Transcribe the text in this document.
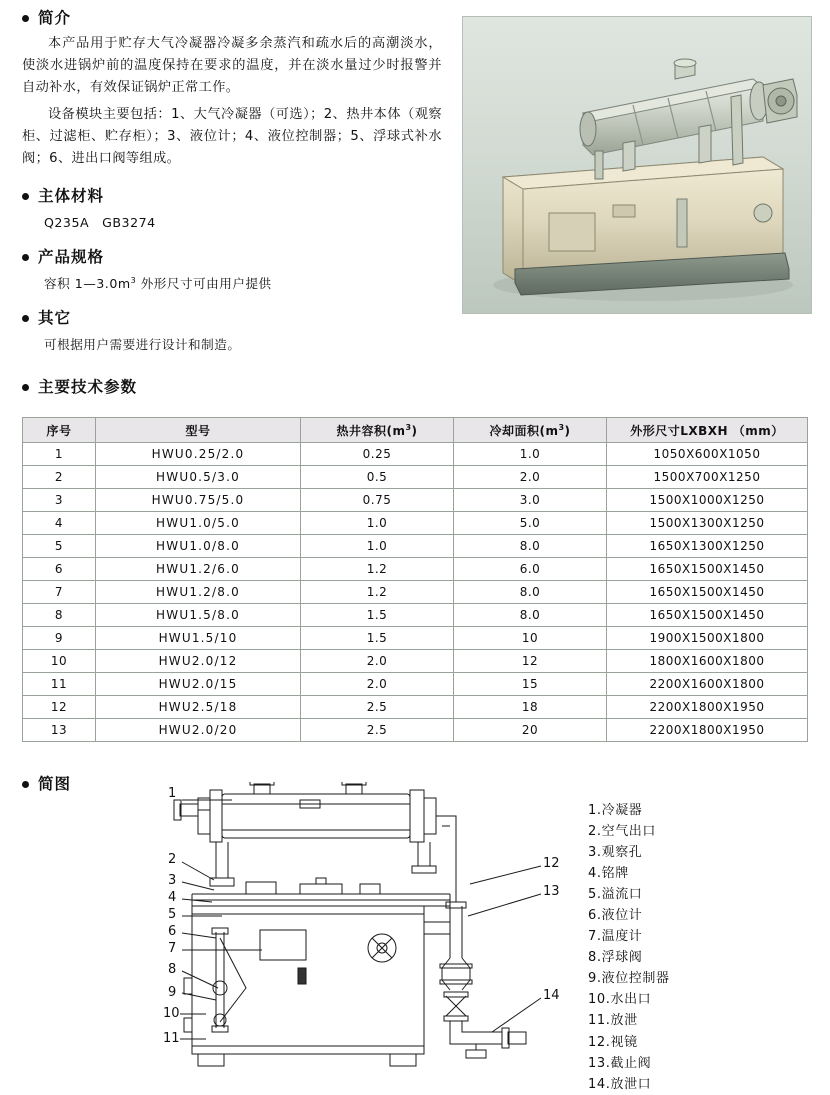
简介
本产品用于贮存大气冷凝器冷凝多余蒸汽和疏水后的高潮淡水，使淡水进锅炉前的温度保持在要求的温度，并在淡水量过少时报警并自动补水，有效保证锅炉正常工作。
设备模块主要包括：1、大气冷凝器（可选）；2、热井本体（观察柜、过滤柜、贮存柜）；3、液位计；4、液位控制器；5、浮球式补水阀；6、进出口阀等组成。
主体材料
Q235A　GB3274
产品规格
容积 $1—3.0m^3$ 外形尺寸可由用户提供
其它
可根据用户需要进行设计和制造。
主要技术参数
序号	型号	热井容积$(m^3)$	冷却面积$(m^3)$	外形尺寸LXBXH （mm）
1	HWU0.25/2.0	0.25	1.0	1050X600X1050
2	HWU0.5/3.0	0.5	2.0	1500X700X1250
3	HWU0.75/5.0	0.75	3.0	1500X1000X1250
4	HWU1.0/5.0	1.0	5.0	1500X1300X1250
5	HWU1.0/8.0	1.0	8.0	1650X1300X1250
6	HWU1.2/6.0	1.2	6.0	1650X1500X1450
7	HWU1.2/8.0	1.2	8.0	1650X1500X1450
8	HWU1.5/8.0	1.5	8.0	1650X1500X1450
9	HWU1.5/10	1.5	10	1900X1500X1800
10	HWU2.0/12	2.0	12	1800X1600X1800
11	HWU2.0/15	2.0	15	2200X1600X1800
12	HWU2.5/18	2.5	18	2200X1800X1950
13	HWU2.0/20	2.5	20	2200X1800X1950
简图
1
2
3
4
5
6
7
8
9
10
11
12
13
14
1.冷凝器
2.空气出口
3.观察孔
4.铭牌
5.溢流口
6.液位计
7.温度计
8.浮球阀
9.液位控制器
10.水出口
11.放泄
12.视镜
13.截止阀
14.放泄口
